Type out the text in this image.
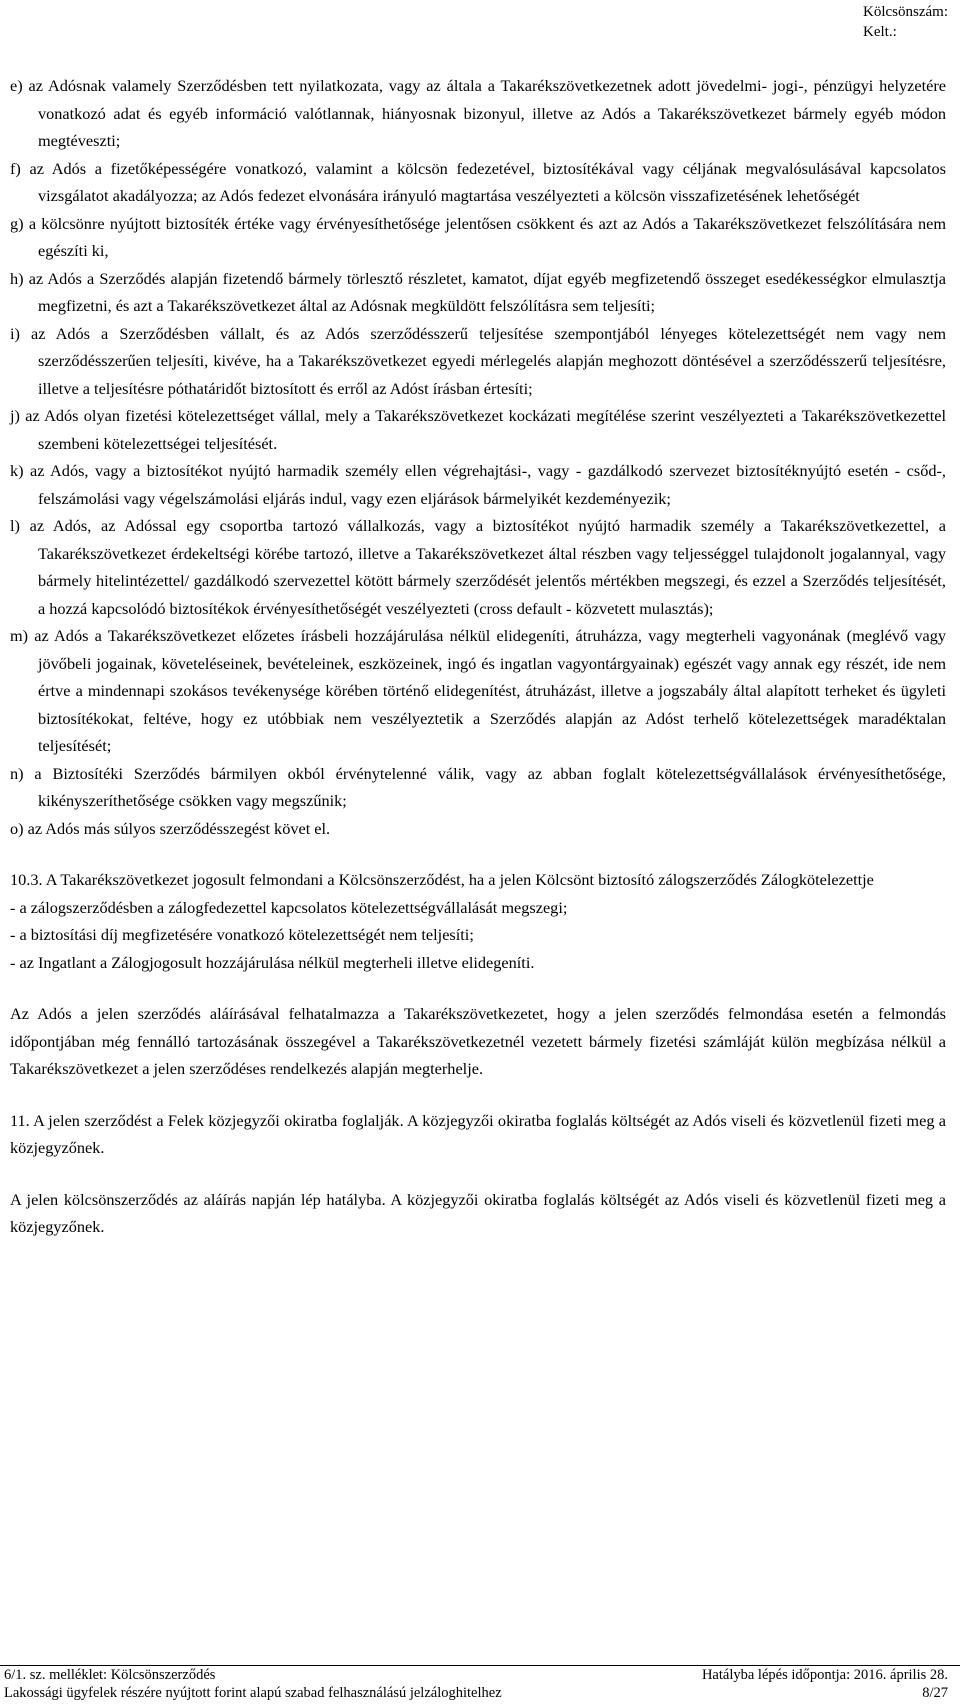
Kölcsönszám:
Kelt.:

e) az Adósnak valamely Szerződésben tett nyilatkozata, vagy az általa a Takarékszövetkezetnek adott jövedelmi- jogi-, pénzügyi helyzetére vonatkozó adat és egyéb információ valótlannak, hiányosnak bizonyul, illetve az Adós a Takarékszövetkezet bármely egyéb módon megtéveszti;

f) az Adós a fizetőképességére vonatkozó, valamint a kölcsön fedezetével, biztosítékával vagy céljának megvalósulásával kapcsolatos vizsgálatot akadályozza; az Adós fedezet elvonására irányuló magtartása veszélyezteti a kölcsön visszafizetésének lehetőségét

g) a kölcsönre nyújtott biztosíték értéke vagy érvényesíthetősége jelentősen csökkent és azt az Adós a Takarékszövetkezet felszólítására nem egészíti ki,

h) az Adós a Szerződés alapján fizetendő bármely törlesztő részletet, kamatot, díjat egyéb megfizetendő összeget esedékességkor elmulasztja megfizetni, és azt a Takarékszövetkezet által az Adósnak megküldött felszólításra sem teljesíti;

i) az Adós a Szerződésben vállalt, és az Adós szerződésszerű teljesítése szempontjából lényeges kötelezettségét nem vagy nem szerződésszerűen teljesíti, kivéve, ha a Takarékszövetkezet egyedi mérlegelés alapján meghozott döntésével a szerződésszerű teljesítésre, illetve a teljesítésre póthatáridőt biztosított és erről az Adóst írásban értesíti;

j) az Adós olyan fizetési kötelezettséget vállal, mely a Takarékszövetkezet kockázati megítélése szerint veszélyezteti a Takarékszövetkezettel szembeni kötelezettségei teljesítését.

k) az Adós, vagy a biztosítékot nyújtó harmadik személy ellen végrehajtási-, vagy - gazdálkodó szervezet biztosítéknyújtó esetén - csőd-, felszámolási vagy végelszámolási eljárás indul, vagy ezen eljárások bármelyikét kezdeményezik;

l) az Adós, az Adóssal egy csoportba tartozó vállalkozás, vagy a biztosítékot nyújtó harmadik személy a Takarékszövetkezettel, a Takarékszövetkezet érdekeltségi körébe tartozó, illetve a Takarékszövetkezet által részben vagy teljességgel tulajdonolt jogalannyal, vagy bármely hitelintézettel/ gazdálkodó szervezettel kötött bármely szerződését jelentős mértékben megszegi, és ezzel a Szerződés teljesítését, a hozzá kapcsolódó biztosítékok érvényesíthetőségét veszélyezteti (cross default - közvetett mulasztás);

m) az Adós a Takarékszövetkezet előzetes írásbeli hozzájárulása nélkül elidegeníti, átruházza, vagy megterheli vagyonának (meglévő vagy jövőbeli jogainak, követeléseinek, bevételeinek, eszközeinek, ingó és ingatlan vagyontárgyainak) egészét vagy annak egy részét, ide nem értve a mindennapi szokásos tevékenysége körében történő elidegenítést, átruházást, illetve a jogszabály által alapított terheket és ügyleti biztosítékokat, feltéve, hogy ez utóbbiak nem veszélyeztetik a Szerződés alapján az Adóst terhelő kötelezettségek maradéktalan teljesítését;

n) a Biztosítéki Szerződés bármilyen okból érvénytelenné válik, vagy az abban foglalt kötelezettségvállalások érvényesíthetősége, kikényszeríthetősége csökken vagy megszűnik;

o) az Adós más súlyos szerződésszegést követ el.

10.3. A Takarékszövetkezet jogosult felmondani a Kölcsönszerződést, ha a jelen Kölcsönt biztosító zálogszerződés Zálogkötelezettje

- a zálogszerződésben a zálogfedezettel kapcsolatos kötelezettségvállalását megszegi;

- a biztosítási díj megfizetésére vonatkozó kötelezettségét nem teljesíti;

- az Ingatlant a Zálogjogosult hozzájárulása nélkül megterheli illetve elidegeníti.

Az Adós a jelen szerződés aláírásával felhatalmazza a Takarékszövetkezetet, hogy a jelen szerződés felmondása esetén a felmondás időpontjában még fennálló tartozásának összegével a Takarékszövetkezetnél vezetett bármely fizetési számláját külön megbízása nélkül a Takarékszövetkezet a jelen szerződéses rendelkezés alapján megterhelje.

11. A jelen szerződést a Felek közjegyzői okiratba foglalják. A közjegyzői okiratba foglalás költségét az Adós viseli és közvetlenül fizeti meg a közjegyzőnek.

A jelen kölcsönszerződés az aláírás napján lép hatályba. A közjegyzői okiratba foglalás költségét az Adós viseli és közvetlenül fizeti meg a közjegyzőnek.

6/1. sz. melléklet: Kölcsönszerződés	Hatályba lépés időpontja: 2016. április 28.
Lakossági ügyfelek részére nyújtott forint alapú szabad felhasználású jelzáloghitelhez	8/27
